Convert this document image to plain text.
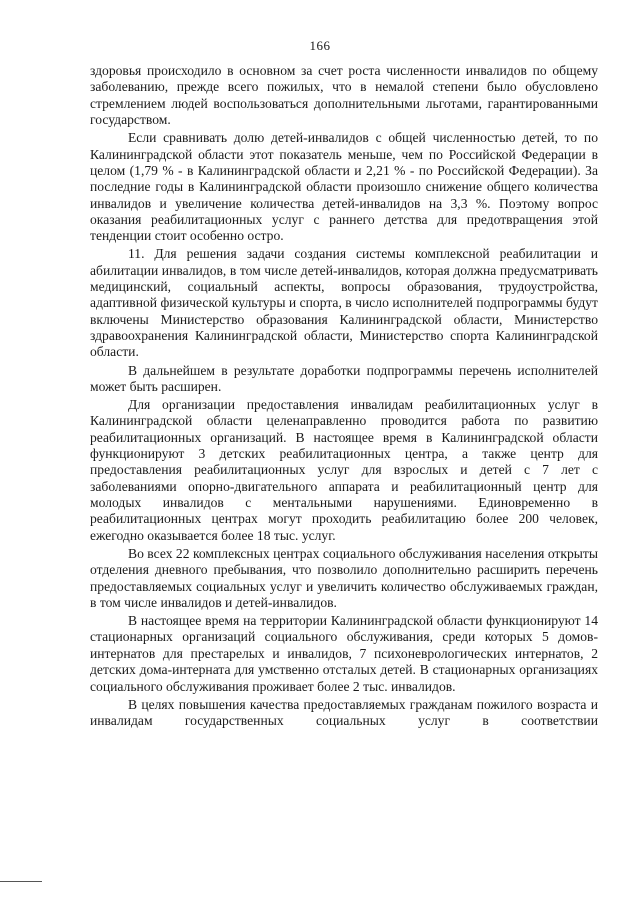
166

здоровья происходило в основном за счет роста численности инвалидов по общему заболеванию, прежде всего пожилых, что в немалой степени было обусловлено стремлением людей воспользоваться дополнительными льготами, гарантированными государством.

Если сравнивать долю детей-инвалидов с общей численностью детей, то по Калининградской области этот показатель меньше, чем по Российской Федерации в целом (1,79 % - в Калининградской области и 2,21 % - по Российской Федерации). За последние годы в Калининградской области произошло снижение общего количества инвалидов и увеличение количества детей-инвалидов на 3,3 %. Поэтому вопрос оказания реабилитационных услуг с раннего детства для предотвращения этой тенденции стоит особенно остро.

11. Для решения задачи создания системы комплексной реабилитации и абилитации инвалидов, в том числе детей-инвалидов, которая должна предусматривать медицинский, социальный аспекты, вопросы образования, трудоустройства, адаптивной физической культуры и спорта, в число исполнителей подпрограммы будут включены Министерство образования Калининградской области, Министерство здравоохранения Калининградской области, Министерство спорта Калининградской области.

В дальнейшем в результате доработки подпрограммы перечень исполнителей может быть расширен.

Для организации предоставления инвалидам реабилитационных услуг в Калининградской области целенаправленно проводится работа по развитию реабилитационных организаций. В настоящее время в Калининградской области функционируют 3 детских реабилитационных центра, а также центр для предоставления реабилитационных услуг для взрослых и детей с 7 лет с заболеваниями опорно-двигательного аппарата и реабилитационный центр для молодых инвалидов с ментальными нарушениями. Единовременно в реабилитационных центрах могут проходить реабилитацию более 200 человек, ежегодно оказывается более 18 тыс. услуг.

Во всех 22 комплексных центрах социального обслуживания населения открыты отделения дневного пребывания, что позволило дополнительно расширить перечень предоставляемых социальных услуг и увеличить количество обслуживаемых граждан, в том числе инвалидов и детей-инвалидов.

В настоящее время на территории Калининградской области функционируют 14 стационарных организаций социального обслуживания, среди которых 5 домов-интернатов для престарелых и инвалидов, 7 психоневрологических интернатов, 2 детских дома-интерната для умственно отсталых детей. В стационарных организациях социального обслуживания проживает более 2 тыс. инвалидов.

В целях повышения качества предоставляемых гражданам пожилого возраста и инвалидам государственных социальных услуг в соответствии
